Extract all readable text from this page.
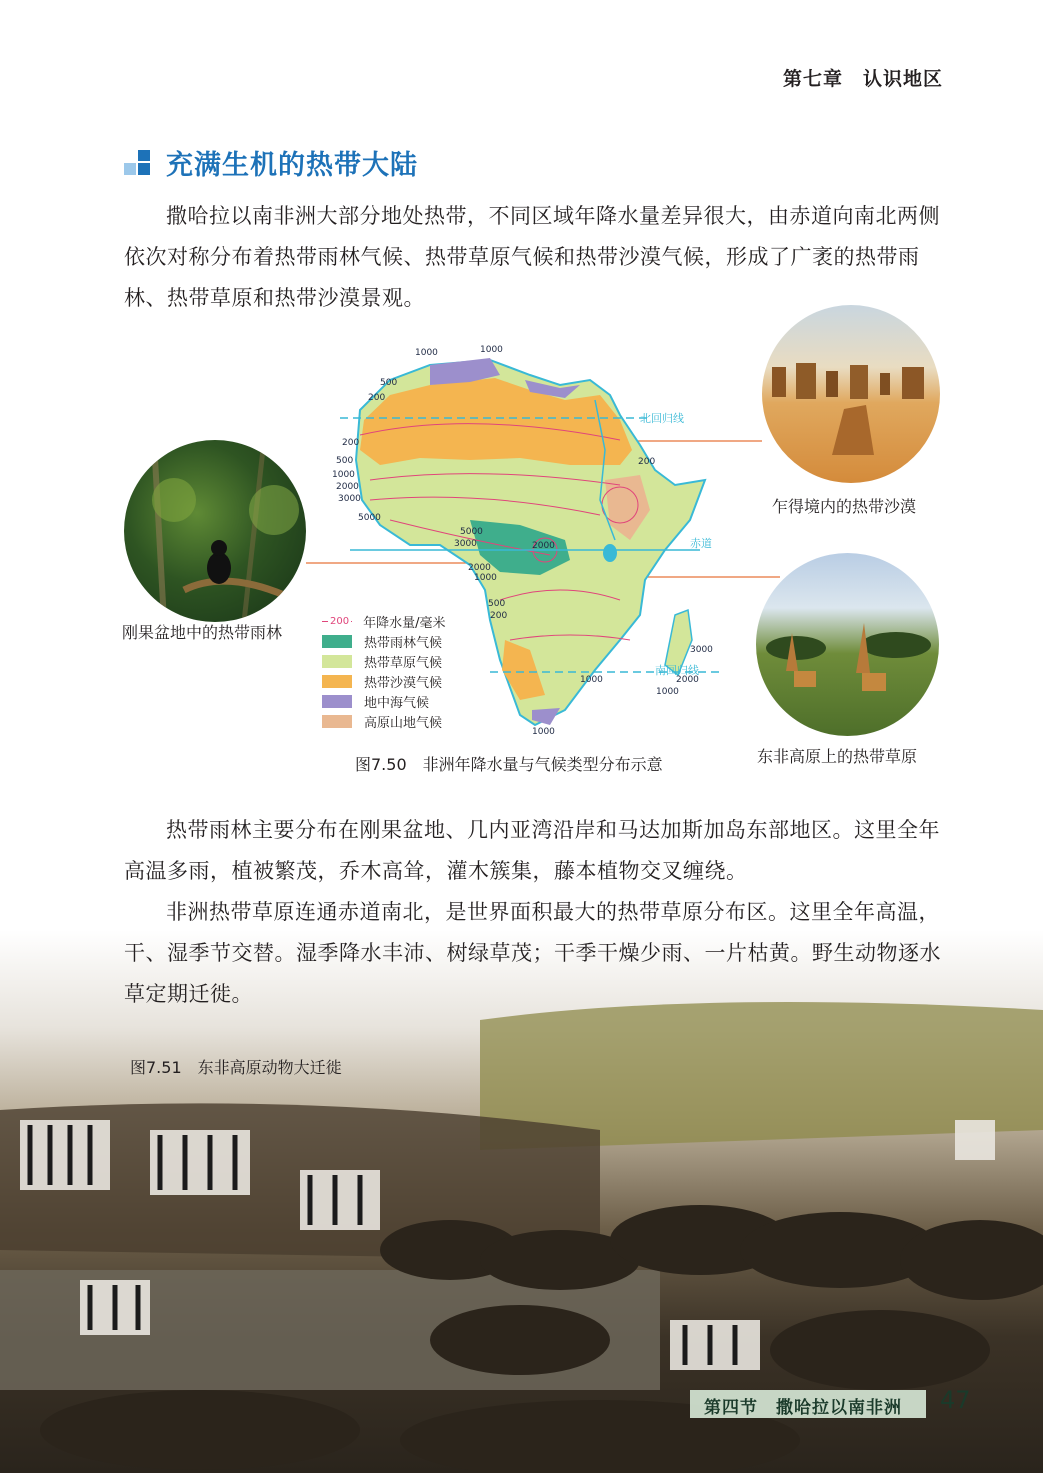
第七章　认识地区
充满生机的热带大陆
撒哈拉以南非洲大部分地处热带，不同区域年降水量差异很大，由赤道向南北两侧依次对称分布着热带雨林气候、热带草原气候和热带沙漠气候，形成了广袤的热带雨林、热带草原和热带沙漠景观。
刚果盆地中的热带雨林
乍得境内的热带沙漠
东非高原上的热带草原
北回归线
赤道
南回归线
1000	1000
500
200
200
500
1000
2000
3000
5000
5000
3000	2000
2000
1000
500
200
200
3000
2000
1000
1000
1000
200 年降水量/毫米
热带雨林气候
热带草原气候
热带沙漠气候
地中海气候
高原山地气候
图7.50　非洲年降水量与气候类型分布示意
热带雨林主要分布在刚果盆地、几内亚湾沿岸和马达加斯加岛东部地区。这里全年高温多雨，植被繁茂，乔木高耸，灌木簇集，藤本植物交叉缠绕。
非洲热带草原连通赤道南北，是世界面积最大的热带草原分布区。这里全年高温，干、湿季节交替。湿季降水丰沛、树绿草茂；干季干燥少雨、一片枯黄。野生动物逐水草定期迁徙。
图7.51　东非高原动物大迁徙
第四节　撒哈拉以南非洲 47
